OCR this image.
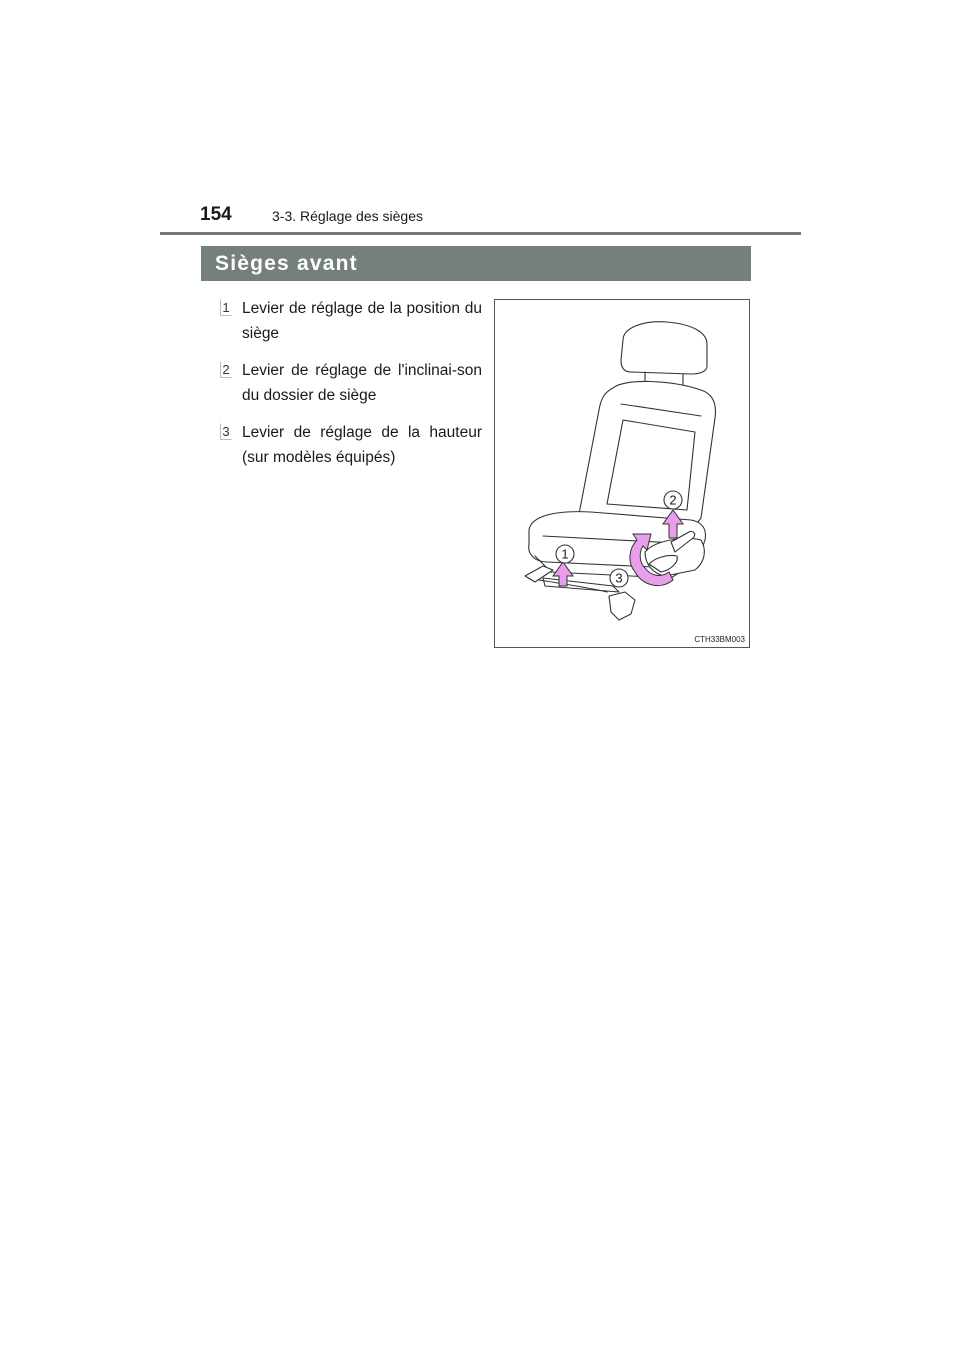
154	3-3. Réglage des sièges
Sièges avant
1 Levier de réglage de la position du siège
2 Levier de réglage de l'inclinai-son du dossier de siège
3 Levier de réglage de la hauteur (sur modèles équipés)
1
2
3
CTH33BM003
